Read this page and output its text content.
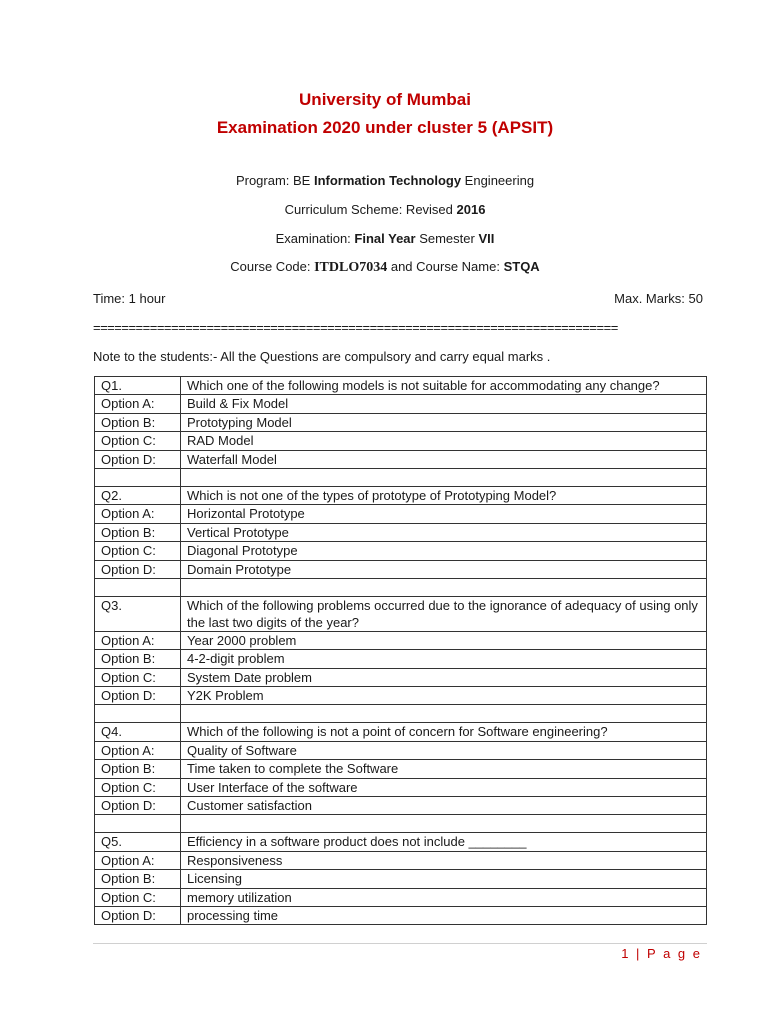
University of Mumbai
Examination 2020 under cluster 5 (APSIT)
Program: BE Information Technology Engineering
Curriculum Scheme: Revised 2016
Examination: Final Year Semester VII
Course Code: ITDLO7034 and Course Name: STQA
Time: 1 hour	Max. Marks: 50
==========================================================================
Note to the students:- All the Questions are compulsory and carry equal marks .
Q1.	Which one of the following models is not suitable for accommodating any change?
Option A:	Build & Fix Model
Option B:	Prototyping Model
Option C:	RAD Model
Option D:	Waterfall Model

Q2.	Which is not one of the types of prototype of Prototyping Model?
Option A:	Horizontal Prototype
Option B:	Vertical Prototype
Option C:	Diagonal Prototype
Option D:	Domain Prototype

Q3.	Which of the following problems occurred due to the ignorance of adequacy of using only the last two digits of the year?
Option A:	Year 2000 problem
Option B:	4-2-digit problem
Option C:	System Date problem
Option D:	Y2K Problem

Q4.	Which of the following is not a point of concern for Software engineering?
Option A:	Quality of Software
Option B:	Time taken to complete the Software
Option C:	User Interface of the software
Option D:	Customer satisfaction

Q5.	Efficiency in a software product does not include ________
Option A:	Responsiveness
Option B:	Licensing
Option C:	memory utilization
Option D:	processing time
1 | P a g e
